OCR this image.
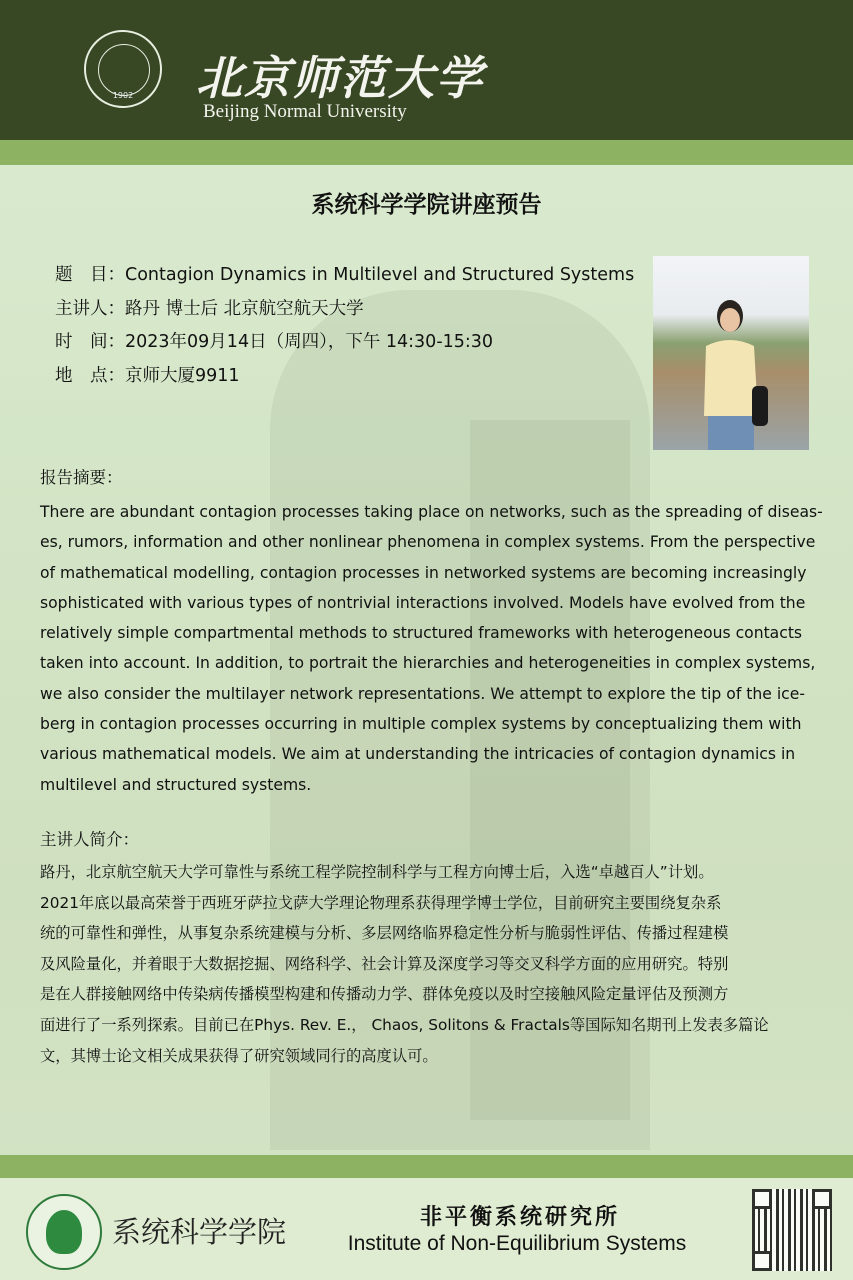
1902	北京师范大学
Beijing Normal University
系统科学学院讲座预告
题　目：Contagion Dynamics in Multilevel and Structured Systems
主讲人：路丹 博士后 北京航空航天大学
时　间：2023年09月14日（周四），下午 14:30-15:30
地　点：京师大厦9911
报告摘要：
There are abundant contagion processes taking place on networks, such as the spreading of diseas-
es, rumors, information and other nonlinear phenomena in complex systems. From the perspective
of mathematical modelling, contagion processes in networked systems are becoming increasingly
sophisticated with various types of nontrivial interactions involved. Models have evolved from the
relatively simple compartmental methods to structured frameworks with heterogeneous contacts
taken into account. In addition, to portrait the hierarchies and heterogeneities in complex systems,
we also consider the multilayer network representations. We attempt to explore the tip of the ice-
berg in contagion processes occurring in multiple complex systems by conceptualizing them with
various mathematical models. We aim at understanding the intricacies of contagion dynamics in
multilevel and structured systems.
主讲人简介：
路丹，北京航空航天大学可靠性与系统工程学院控制科学与工程方向博士后，入选“卓越百人”计划。
2021年底以最高荣誉于西班牙萨拉戈萨大学理论物理系获得理学博士学位，目前研究主要围绕复杂系
统的可靠性和弹性，从事复杂系统建模与分析、多层网络临界稳定性分析与脆弱性评估、传播过程建模
及风险量化，并着眼于大数据挖掘、网络科学、社会计算及深度学习等交叉科学方面的应用研究。特别
是在人群接触网络中传染病传播模型构建和传播动力学、群体免疫以及时空接触风险定量评估及预测方
面进行了一系列探索。目前已在Phys. Rev. E.， Chaos, Solitons & Fractals等国际知名期刊上发表多篇论
文，其博士论文相关成果获得了研究领域同行的高度认可。
系统科学学院	非平衡系统研究所
Institute of Non-Equilibrium Systems
